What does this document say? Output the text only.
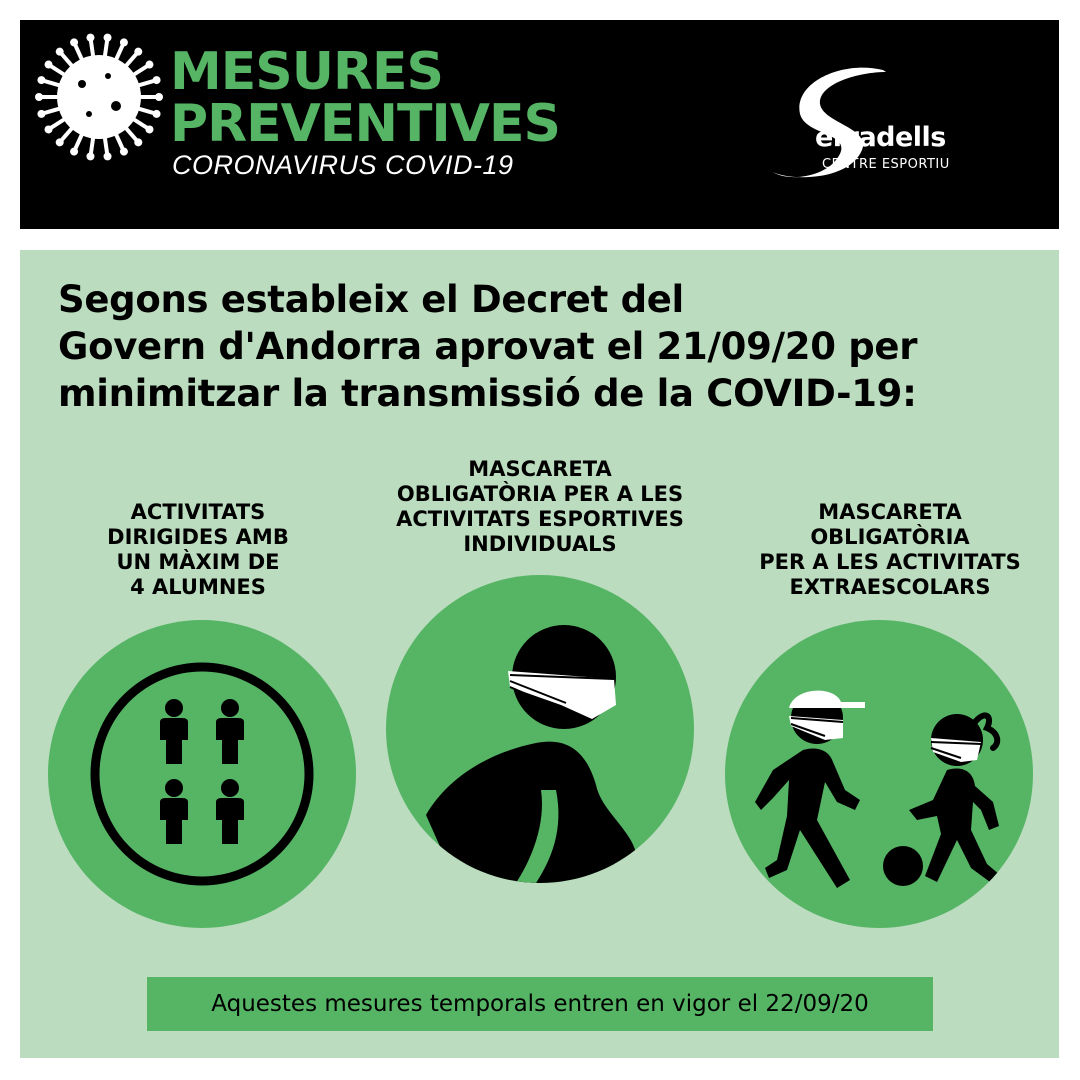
MESURES
PREVENTIVES
CORONAVIRUS COVID-19
erradells
CENTRE ESPORTIU
Segons estableix el Decret del
Govern d'Andorra aprovat el 21/09/20 per
minimitzar la transmissió de la COVID-19:
ACTIVITATS
DIRIGIDES AMB
UN MÀXIM DE
4 ALUMNES
MASCARETA
OBLIGATÒRIA PER A LES
ACTIVITATS ESPORTIVES
INDIVIDUALS
MASCARETA
OBLIGATÒRIA
PER A LES ACTIVITATS
EXTRAESCOLARS
Aquestes mesures temporals entren en vigor el 22/09/20
